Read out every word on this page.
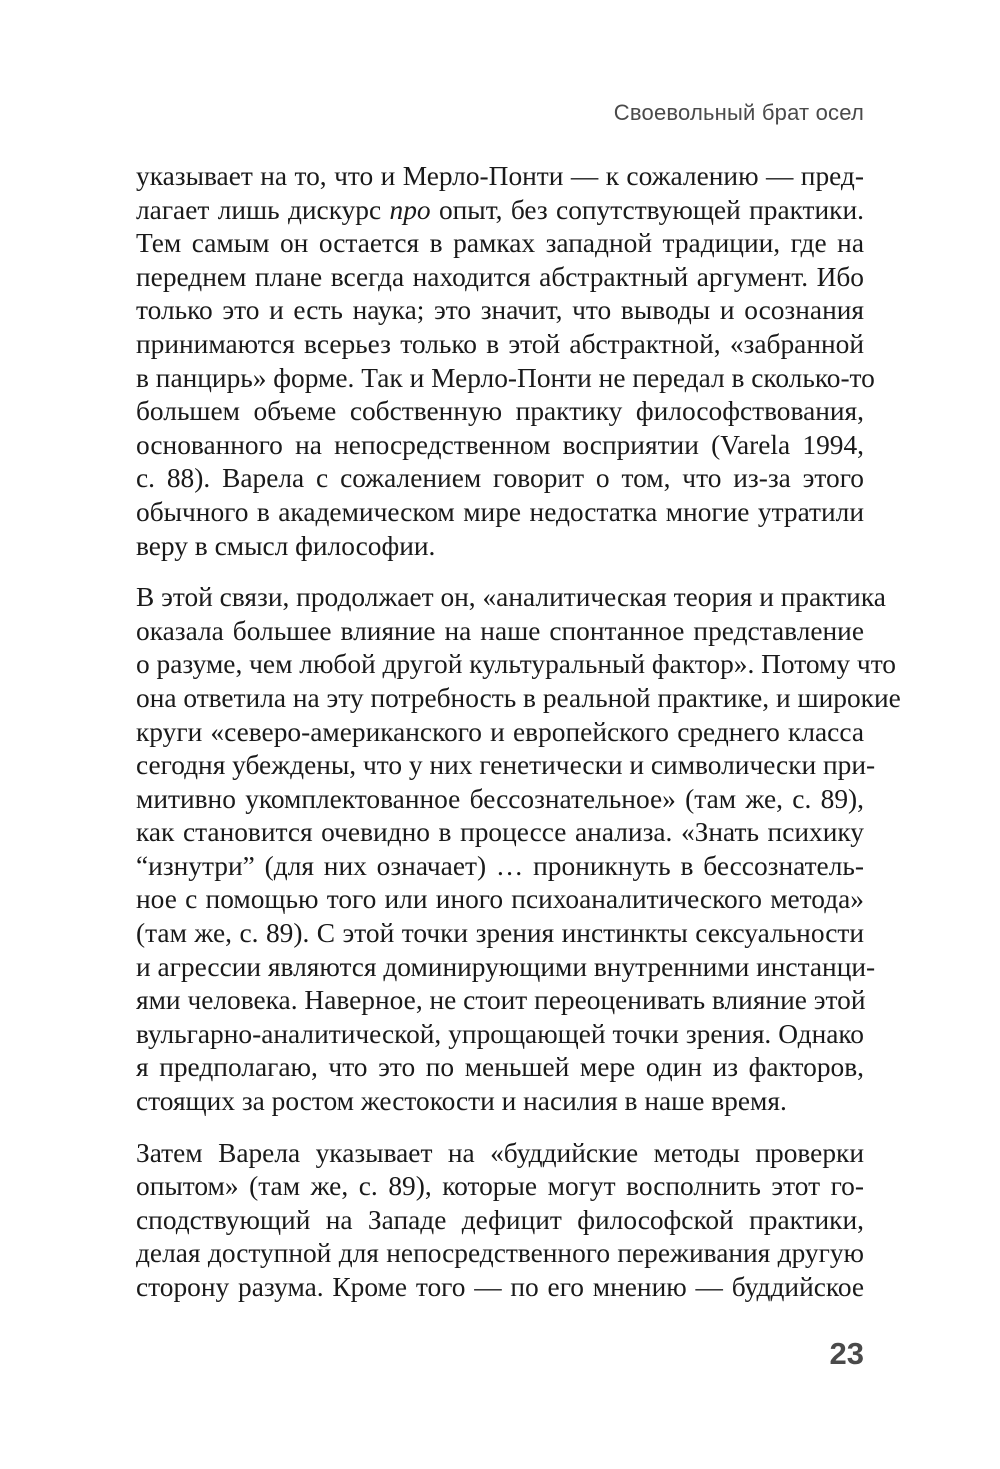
Своевольный брат осел
указывает на то, что и Мерло-Понти — к сожалению — пред-
лагает лишь дискурс про опыт, без сопутствующей практики.
Тем самым он остается в рамках западной традиции, где на
переднем плане всегда находится абстрактный аргумент. Ибо
только это и есть наука; это значит, что выводы и осознания
принимаются всерьез только в этой абстрактной, «забранной
в панцирь» форме. Так и Мерло-Понти не передал в сколько-то
большем объеме собственную практику философствования,
основанного на непосредственном восприятии (Varela 1994,
с. 88). Варела с сожалением говорит о том, что из-за этого
обычного в академическом мире недостатка многие утратили
веру в смысл философии.
В этой связи, продолжает он, «аналитическая теория и практика
оказала большее влияние на наше спонтанное представление
о разуме, чем любой другой культуральный фактор». Потому что
она ответила на эту потребность в реальной практике, и широкие
круги «северо-американского и европейского среднего класса
сегодня убеждены, что у них генетически и символически при-
митивно укомплектованное бессознательное» (там же, с. 89),
как становится очевидно в процессе анализа. «Знать психику
“изнутри” (для них означает) … проникнуть в бессознатель-
ное с помощью того или иного психоаналитического метода»
(там же, с. 89). С этой точки зрения инстинкты сексуальности
и агрессии являются доминирующими внутренними инстанци-
ями человека. Наверное, не стоит переоценивать влияние этой
вульгарно-аналитической, упрощающей точки зрения. Однако
я предполагаю, что это по меньшей мере один из факторов,
стоящих за ростом жестокости и насилия в наше время.
Затем Варела указывает на «буддийские методы проверки
опытом» (там же, с. 89), которые могут восполнить этот го-
сподствующий на Западе дефицит философской практики,
делая доступной для непосредственного переживания другую
сторону разума. Кроме того — по его мнению — буддийское
23
